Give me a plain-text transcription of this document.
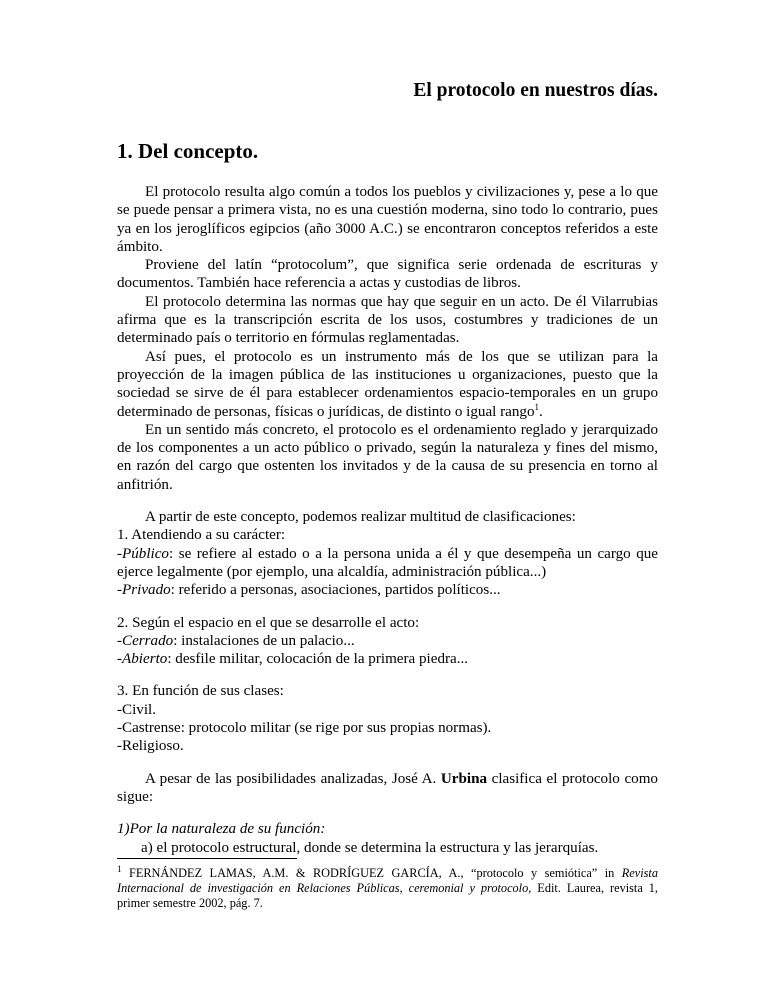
El protocolo en nuestros días.
1. Del concepto.

El protocolo resulta algo común a todos los pueblos y civilizaciones y, pese a lo que se puede pensar a primera vista, no es una cuestión moderna, sino todo lo contrario, pues ya en los jeroglíficos egipcios (año 3000 A.C.) se encontraron conceptos referidos a este ámbito.

Proviene del latín “protocolum”, que significa serie ordenada de escrituras y documentos. También hace referencia a actas y custodias de libros.

El protocolo determina las normas que hay que seguir en un acto. De él Vilarrubias afirma que es la transcripción escrita de los usos, costumbres y tradiciones de un determinado país o territorio en fórmulas reglamentadas.

Así pues, el protocolo es un instrumento más de los que se utilizan para la proyección de la imagen pública de las instituciones u organizaciones, puesto que la sociedad se sirve de él para establecer ordenamientos espacio-temporales en un grupo determinado de personas, físicas o jurídicas, de distinto o igual rango$^1$.

En un sentido más concreto, el protocolo es el ordenamiento reglado y jerarquizado de los componentes a un acto público o privado, según la naturaleza y fines del mismo, en razón del cargo que ostenten los invitados y de la causa de su presencia en torno al anfitrión.

A partir de este concepto, podemos realizar multitud de clasificaciones:

1. Atendiendo a su carácter:

-Público: se refiere al estado o a la persona unida a él y que desempeña un cargo que ejerce legalmente (por ejemplo, una alcaldía, administración pública...)

-Privado: referido a personas, asociaciones, partidos políticos...

2. Según el espacio en el que se desarrolle el acto:

-Cerrado: instalaciones de un palacio...

-Abierto: desfile militar, colocación de la primera piedra...

3. En función de sus clases:

-Civil.

-Castrense: protocolo militar (se rige por sus propias normas).

-Religioso.

A pesar de las posibilidades analizadas, José A. Urbina clasifica el protocolo como sigue:

1)Por la naturaleza de su función:

a) el protocolo estructural, donde se determina la estructura y las jerarquías.

$^1$ FERNÁNDEZ LAMAS, A.M. & RODRÍGUEZ GARCÍA, A., “protocolo y semiótica” in Revista Internacional de investigación en Relaciones Públicas, ceremonial y protocolo, Edit. Laurea, revista 1, primer semestre 2002, pág. 7.
